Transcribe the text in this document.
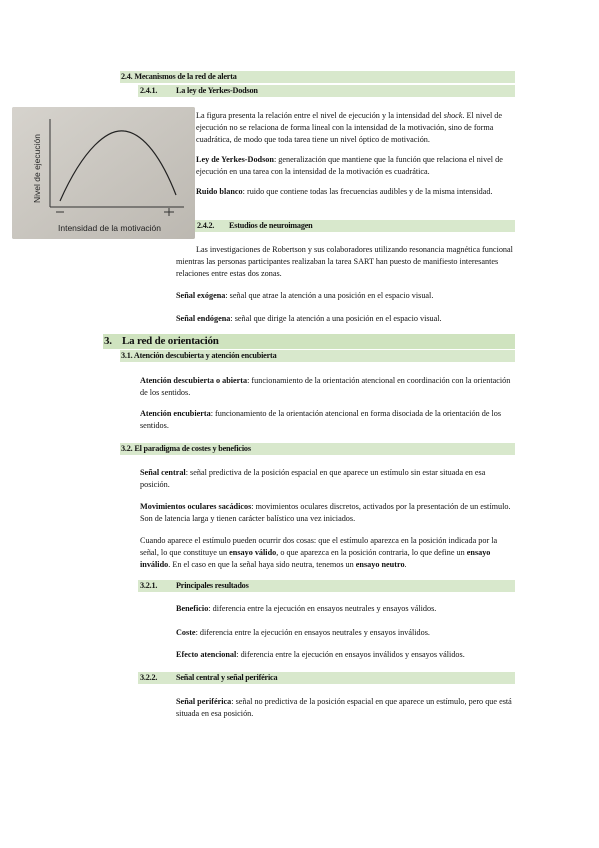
2.4. Mecanismos de la red de alerta
2.4.1. La ley de Yerkes-Dodson
Nivel de ejecución
Intensidad de la motivación
La figura presenta la relación entre el nivel de ejecución y la intensidad del shock. El nivel de ejecución no se relaciona de forma lineal con la intensidad de la motivación, sino de forma cuadrática, de modo que toda tarea tiene un nivel óptico de motivación.
Ley de Yerkes-Dodson: generalización que mantiene que la función que relaciona el nivel de ejecución en una tarea con la intensidad de la motivación es cuadrática.
Ruido blanco: ruido que contiene todas las frecuencias audibles y de la misma intensidad.
2.4.2. Estudios de neuroimagen
Las investigaciones de Robertson y sus colaboradores utilizando resonancia magnética funcional mientras las personas participantes realizaban la tarea SART han puesto de manifiesto interesantes relaciones entre estas dos zonas.
Señal exógena: señal que atrae la atención a una posición en el espacio visual.
Señal endógena: señal que dirige la atención a una posición en el espacio visual.
3. La red de orientación
3.1. Atención descubierta y atención encubierta
Atención descubierta o abierta: funcionamiento de la orientación atencional en coordinación con la orientación de los sentidos.
Atención encubierta: funcionamiento de la orientación atencional en forma disociada de la orientación de los sentidos.
3.2. El paradigma de costes y beneficios
Señal central: señal predictiva de la posición espacial en que aparece un estímulo sin estar situada en esa posición.
Movimientos oculares sacádicos: movimientos oculares discretos, activados por la presentación de un estímulo. Son de latencia larga y tienen carácter balístico una vez iniciados.
Cuando aparece el estímulo pueden ocurrir dos cosas: que el estímulo aparezca en la posición indicada por la señal, lo que constituye un ensayo válido, o que aparezca en la posición contraria, lo que define un ensayo inválido. En el caso en que la señal haya sido neutra, tenemos un ensayo neutro.
3.2.1. Principales resultados
Beneficio: diferencia entre la ejecución en ensayos neutrales y ensayos válidos.
Coste: diferencia entre la ejecución en ensayos neutrales y ensayos inválidos.
Efecto atencional: diferencia entre la ejecución en ensayos inválidos y ensayos válidos.
3.2.2. Señal central y señal periférica
Señal periférica: señal no predictiva de la posición espacial en que aparece un estímulo, pero que está situada en esa posición.
